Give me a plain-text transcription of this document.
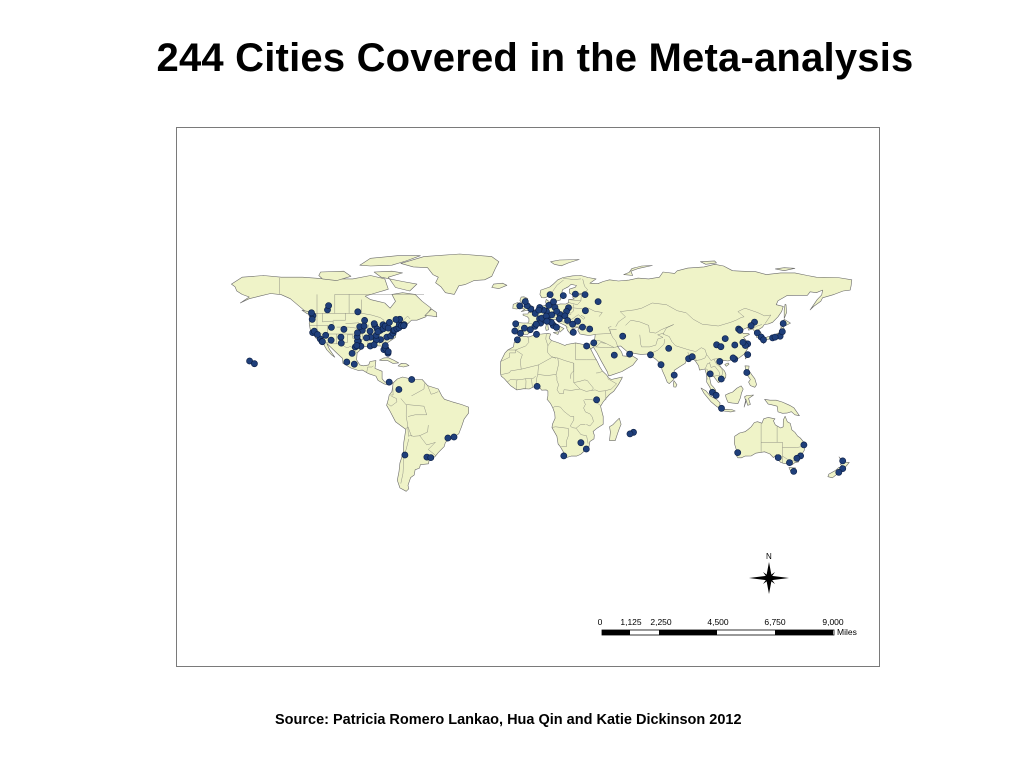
244 Cities Covered in the Meta-analysis
N
0 1,125 2,250	4,500	6,750	9,000
Miles
Source: Patricia Romero Lankao, Hua Qin and Katie Dickinson 2012
